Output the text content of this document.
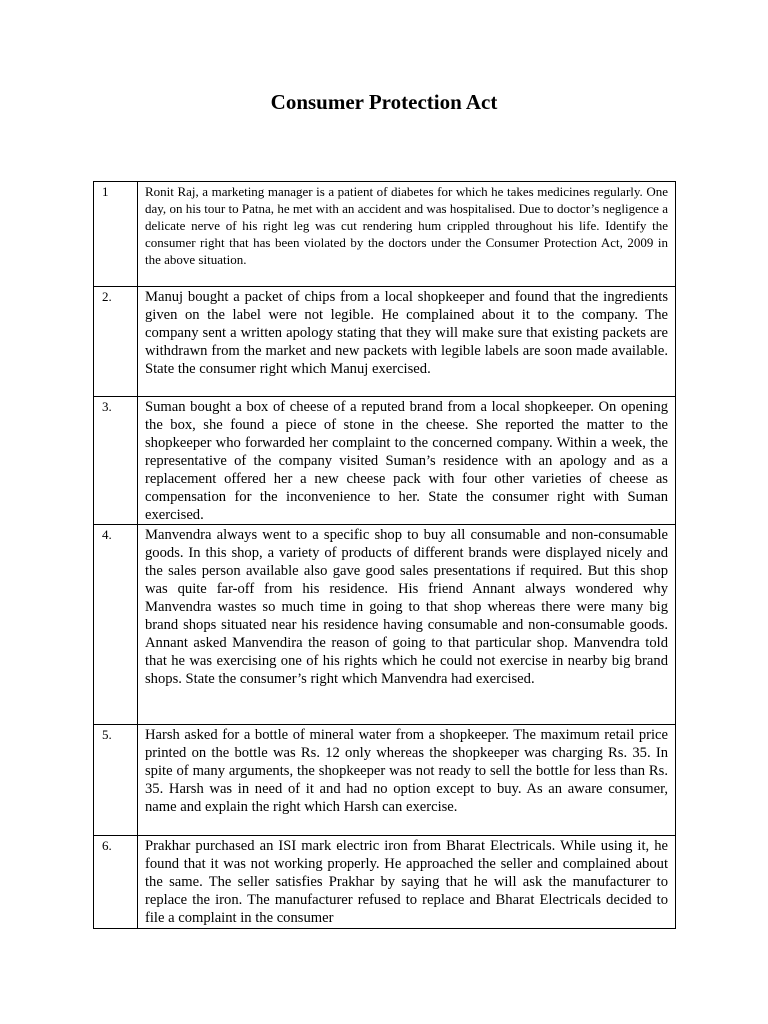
Consumer Protection Act
1	Ronit Raj, a marketing manager is a patient of diabetes for which he takes medicines regularly. One day, on his tour to Patna, he met with an accident and was hospitalised. Due to doctor’s negligence a delicate nerve of his right leg was cut rendering hum crippled throughout his life. Identify the consumer right that has been violated by the doctors under the Consumer Protection Act, 2009 in the above situation.

2.	Manuj bought a packet of chips from a local shopkeeper and found that the ingredients given on the label were not legible. He complained about it to the company. The company sent a written apology stating that they will make sure that existing packets are withdrawn from the market and new packets with legible labels are soon made available. State the consumer right which Manuj exercised.

3.	Suman bought a box of cheese of a reputed brand from a local shopkeeper. On opening the box, she found a piece of stone in the cheese. She reported the matter to the shopkeeper who forwarded her complaint to the concerned company. Within a week, the representative of the company visited Suman’s residence with an apology and as a replacement offered her a new cheese pack with four other varieties of cheese as compensation for the inconvenience to her. State the consumer right with Suman exercised.

4.	Manvendra always went to a specific shop to buy all consumable and non-consumable goods. In this shop, a variety of products of different brands were displayed nicely and the sales person available also gave good sales presentations if required. But this shop was quite far-off from his residence. His friend Annant always wondered why Manvendra wastes so much time in going to that shop whereas there were many big brand shops situated near his residence having consumable and non-consumable goods. Annant asked Manvendira the reason of going to that particular shop. Manvendra told that he was exercising one of his rights which he could not exercise in nearby big brand shops. State the consumer’s right which Manvendra had exercised.

5.	Harsh asked for a bottle of mineral water from a shopkeeper. The maximum retail price printed on the bottle was Rs. 12 only whereas the shopkeeper was charging Rs. 35. In spite of many arguments, the shopkeeper was not ready to sell the bottle for less than Rs. 35. Harsh was in need of it and had no option except to buy. As an aware consumer, name and explain the right which Harsh can exercise.

6.	Prakhar purchased an ISI mark electric iron from Bharat Electricals. While using it, he found that it was not working properly. He approached the seller and complained about the same. The seller satisfies Prakhar by saying that he will ask the manufacturer to replace the iron. The manufacturer refused to replace and Bharat Electricals decided to file a complaint in the consumer
